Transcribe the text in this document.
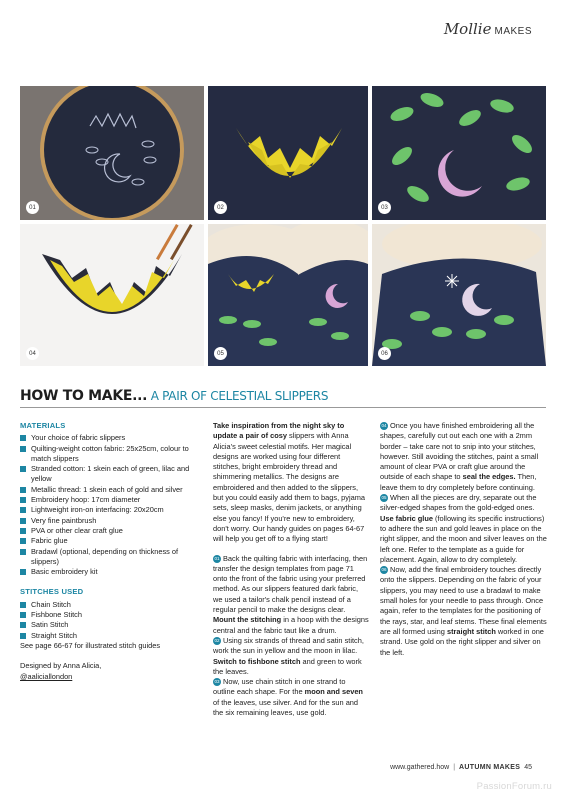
Mollie MAKES
01	02	03
04	05	06
HOW TO MAKE... A PAIR OF CELESTIAL SLIPPERS
MATERIALS
Your choice of fabric slippers
Quilting-weight cotton fabric: 25x25cm, colour to match slippers
Stranded cotton: 1 skein each of green, lilac and yellow
Metallic thread: 1 skein each of gold and silver
Embroidery hoop: 17cm diameter
Lightweight iron-on interfacing: 20x20cm
Very fine paintbrush
PVA or other clear craft glue
Fabric glue
Bradawl (optional, depending on thickness of slippers)
Basic embroidery kit
STITCHES USED
Chain Stitch
Fishbone Stitch
Satin Stitch
Straight Stitch
See page 66-67 for illustrated stitch guides
Designed by Anna Alicia,
@aaliciallondon

Take inspiration from the night sky to update a pair of cosy slippers with Anna Alicia's sweet celestial motifs. Her magical designs are worked using four different stitches, bright embroidery thread and shimmering metallics. The designs are embroidered and then added to the slippers, but you could easily add them to bags, pyjama sets, sleep masks, denim jackets, or anything else you fancy! If you're new to embroidery, don't worry. Our handy guides on pages 64-67 will help you get off to a flying start!

01 Back the quilting fabric with interfacing, then transfer the design templates from page 71 onto the front of the fabric using your preferred method. As our slippers featured dark fabric, we used a tailor's chalk pencil instead of a regular pencil to make the designs clear. Mount the stitching in a hoop with the designs central and the fabric taut like a drum.
02 Using six strands of thread and satin stitch, work the sun in yellow and the moon in lilac. Switch to fishbone stitch and green to work the leaves.
03 Now, use chain stitch in one strand to outline each shape. For the moon and seven of the leaves, use silver. And for the sun and the six remaining leaves, use gold.

04 Once you have finished embroidering all the shapes, carefully cut out each one with a 2mm border – take care not to snip into your stitches, however. Still avoiding the stitches, paint a small amount of clear PVA or craft glue around the outside of each shape to seal the edges. Then, leave them to dry completely before continuing.
05 When all the pieces are dry, separate out the silver-edged shapes from the gold-edged ones. Use fabric glue (following its specific instructions) to adhere the sun and gold leaves in place on the right slipper, and the moon and silver leaves on the left one. Refer to the template as a guide for placement. Again, allow to dry completely.
06 Now, add the final embroidery touches directly onto the slippers. Depending on the fabric of your slippers, you may need to use a bradawl to make small holes for your needle to pass through. Once again, refer to the templates for the positioning of the rays, star, and leaf stems. These final elements are all formed using straight stitch worked in one strand. Use gold on the right slipper and silver on the left.

www.gathered.how | AUTUMN MAKES 45
PassionForum.ru
